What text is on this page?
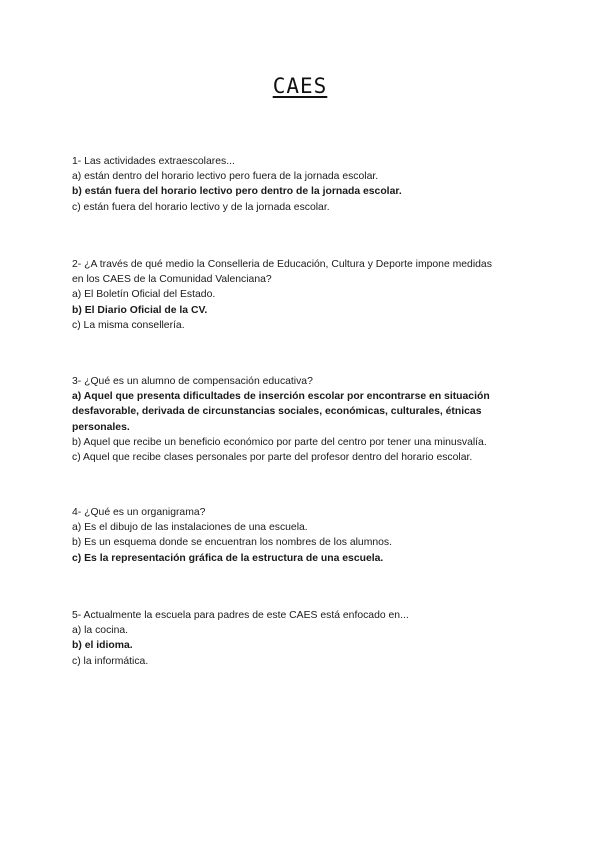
CAES

1- Las actividades extraescolares...

a) están dentro del horario lectivo pero fuera de la jornada escolar.

b) están fuera del horario lectivo pero dentro de la jornada escolar.

c) están fuera del horario lectivo y de la jornada escolar.

2- ¿A través de qué medio la Conselleria de Educación, Cultura y Deporte impone medidas

en los CAES de la Comunidad Valenciana?

a) El Boletín Oficial del Estado.

b) El Diario Oficial de la CV.

c) La misma consellería.

3- ¿Qué es un alumno de compensación educativa?

a) Aquel que presenta dificultades de inserción escolar por encontrarse en situación

desfavorable, derivada de circunstancias sociales, económicas, culturales, étnicas

personales.

b) Aquel que recibe un beneficio económico por parte del centro por tener una minusvalía.

c) Aquel que recibe clases personales por parte del profesor dentro del horario escolar.

4- ¿Qué es un organigrama?

a) Es el dibujo de las instalaciones de una escuela.

b) Es un esquema donde se encuentran los nombres de los alumnos.

c) Es la representación gráfica de la estructura de una escuela.

5- Actualmente la escuela para padres de este CAES está enfocado en...

a) la cocina.

b) el idioma.

c) la informática.
